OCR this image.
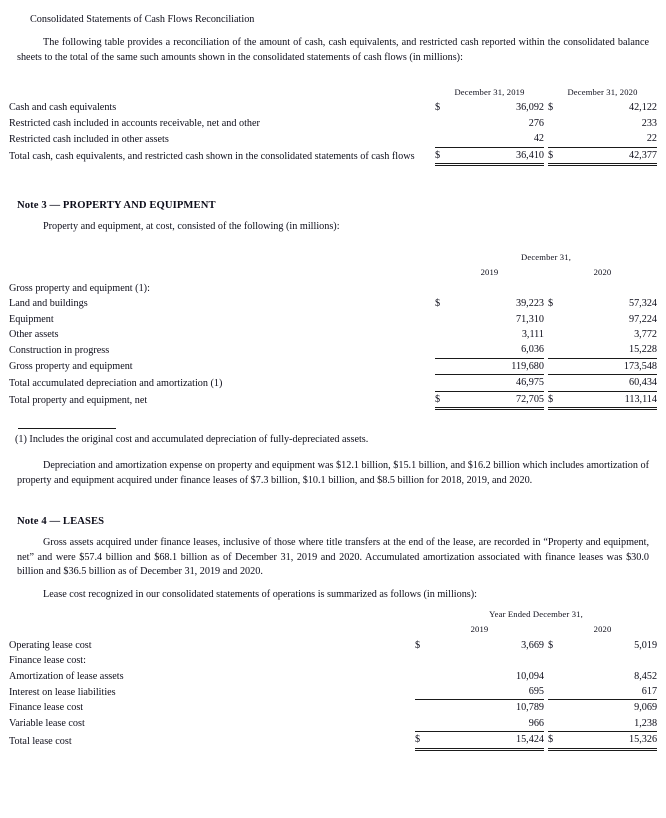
Consolidated Statements of Cash Flows Reconciliation

The following table provides a reconciliation of the amount of cash, cash equivalents, and restricted cash reported within the consolidated balance sheets to the total of the same such amounts shown in the consolidated statements of cash flows (in millions):

	December 31, 2019			December 31, 2020	
Cash and cash equivalents	$	36,092		$	42,122
Restricted cash included in accounts receivable, net and other		276			233
Restricted cash included in other assets		42			22
Total cash, cash equivalents, and restricted cash shown in the consolidated statements of cash flows	$	36,410		$	42,377
Note 3 — PROPERTY AND EQUIPMENT

Property and equipment, at cost, consisted of the following (in millions):

	December 31,				
	2019			2020	
Gross property and equipment (1):					
Land and buildings	$	39,223		$	57,324
Equipment		71,310			97,224
Other assets		3,111			3,772
Construction in progress		6,036			15,228
Gross property and equipment		119,680			173,548
Total accumulated depreciation and amortization (1)		46,975			60,434
Total property and equipment, net	$	72,705		$	113,114
(1) Includes the original cost and accumulated depreciation of fully-depreciated assets.

Depreciation and amortization expense on property and equipment was $12.1 billion, $15.1 billion, and $16.2 billion which includes amortization of property and equipment acquired under finance leases of $7.3 billion, $10.1 billion, and $8.5 billion for 2018, 2019, and 2020.

Note 4 — LEASES

Gross assets acquired under finance leases, inclusive of those where title transfers at the end of the lease, are recorded in “Property and equipment, net” and were $57.4 billion and $68.1 billion as of December 31, 2019 and 2020. Accumulated amortization associated with finance leases was $30.0 billion and $36.5 billion as of December 31, 2019 and 2020.

Lease cost recognized in our consolidated statements of operations is summarized as follows (in millions):

	Year Ended December 31,				
	2019			2020	
Operating lease cost	$	3,669		$	5,019
Finance lease cost:					
Amortization of lease assets		10,094			8,452
Interest on lease liabilities		695			617
Finance lease cost		10,789			9,069
Variable lease cost		966			1,238
Total lease cost	$	15,424		$	15,326
